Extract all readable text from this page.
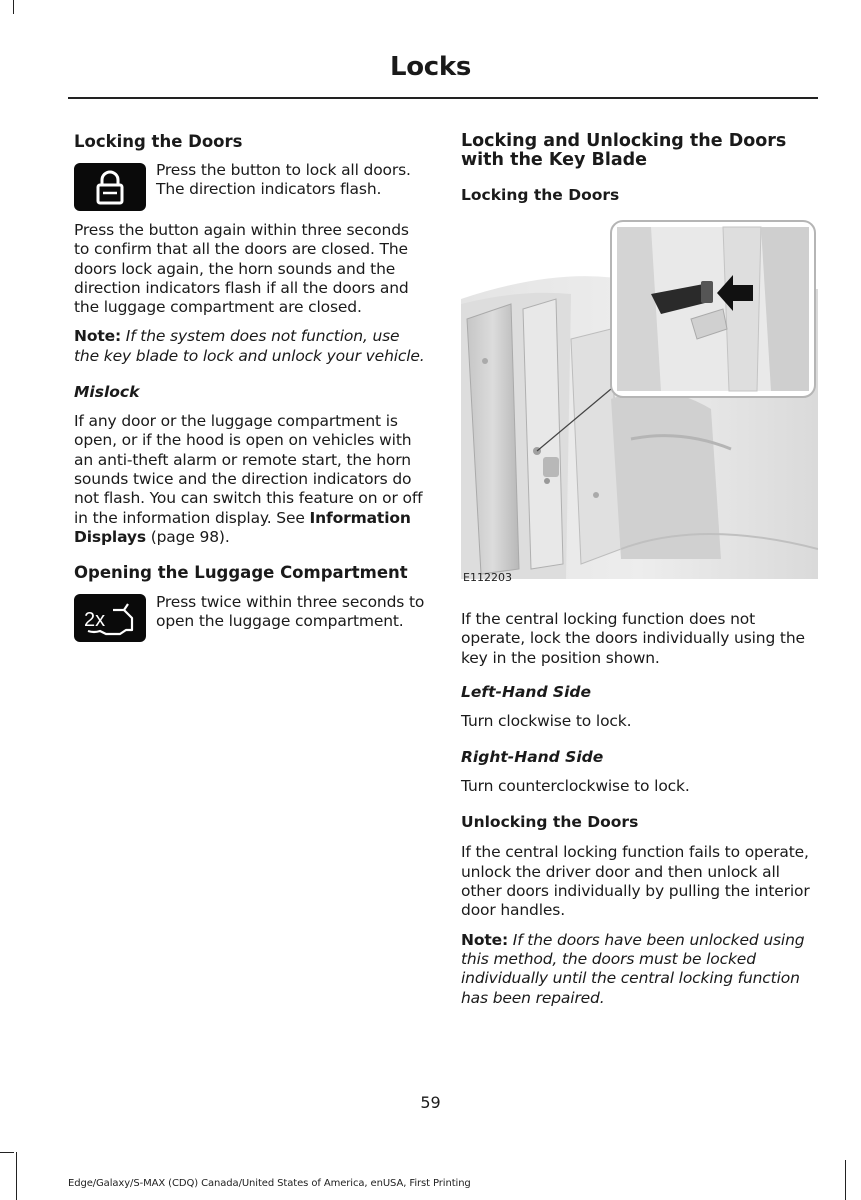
Locks
Locking the Doors

Press the button to lock all doors. The direction indicators flash.

Press the button again within three seconds to confirm that all the doors are closed. The doors lock again, the horn sounds and the direction indicators flash if all the doors and the luggage compartment are closed.

Note: If the system does not function, use the key blade to lock and unlock your vehicle.

Mislock

If any door or the luggage compartment is open, or if the hood is open on vehicles with an anti-theft alarm or remote start, the horn sounds twice and the direction indicators do not flash. You can switch this feature on or off in the information display. See Information Displays (page 98).

Opening the Luggage Compartment
2x

Press twice within three seconds to open the luggage compartment.

Locking and Unlocking the Doors with the Key Blade
Locking the Doors
E112203

If the central locking function does not operate, lock the doors individually using the key in the position shown.

Left-Hand Side

Turn clockwise to lock.

Right-Hand Side

Turn counterclockwise to lock.

Unlocking the Doors

If the central locking function fails to operate, unlock the driver door and then unlock all other doors individually by pulling the interior door handles.

Note: If the doors have been unlocked using this method, the doors must be locked individually until the central locking function has been repaired.

59
Edge/Galaxy/S-MAX (CDQ) Canada/United States of America, enUSA, First Printing
